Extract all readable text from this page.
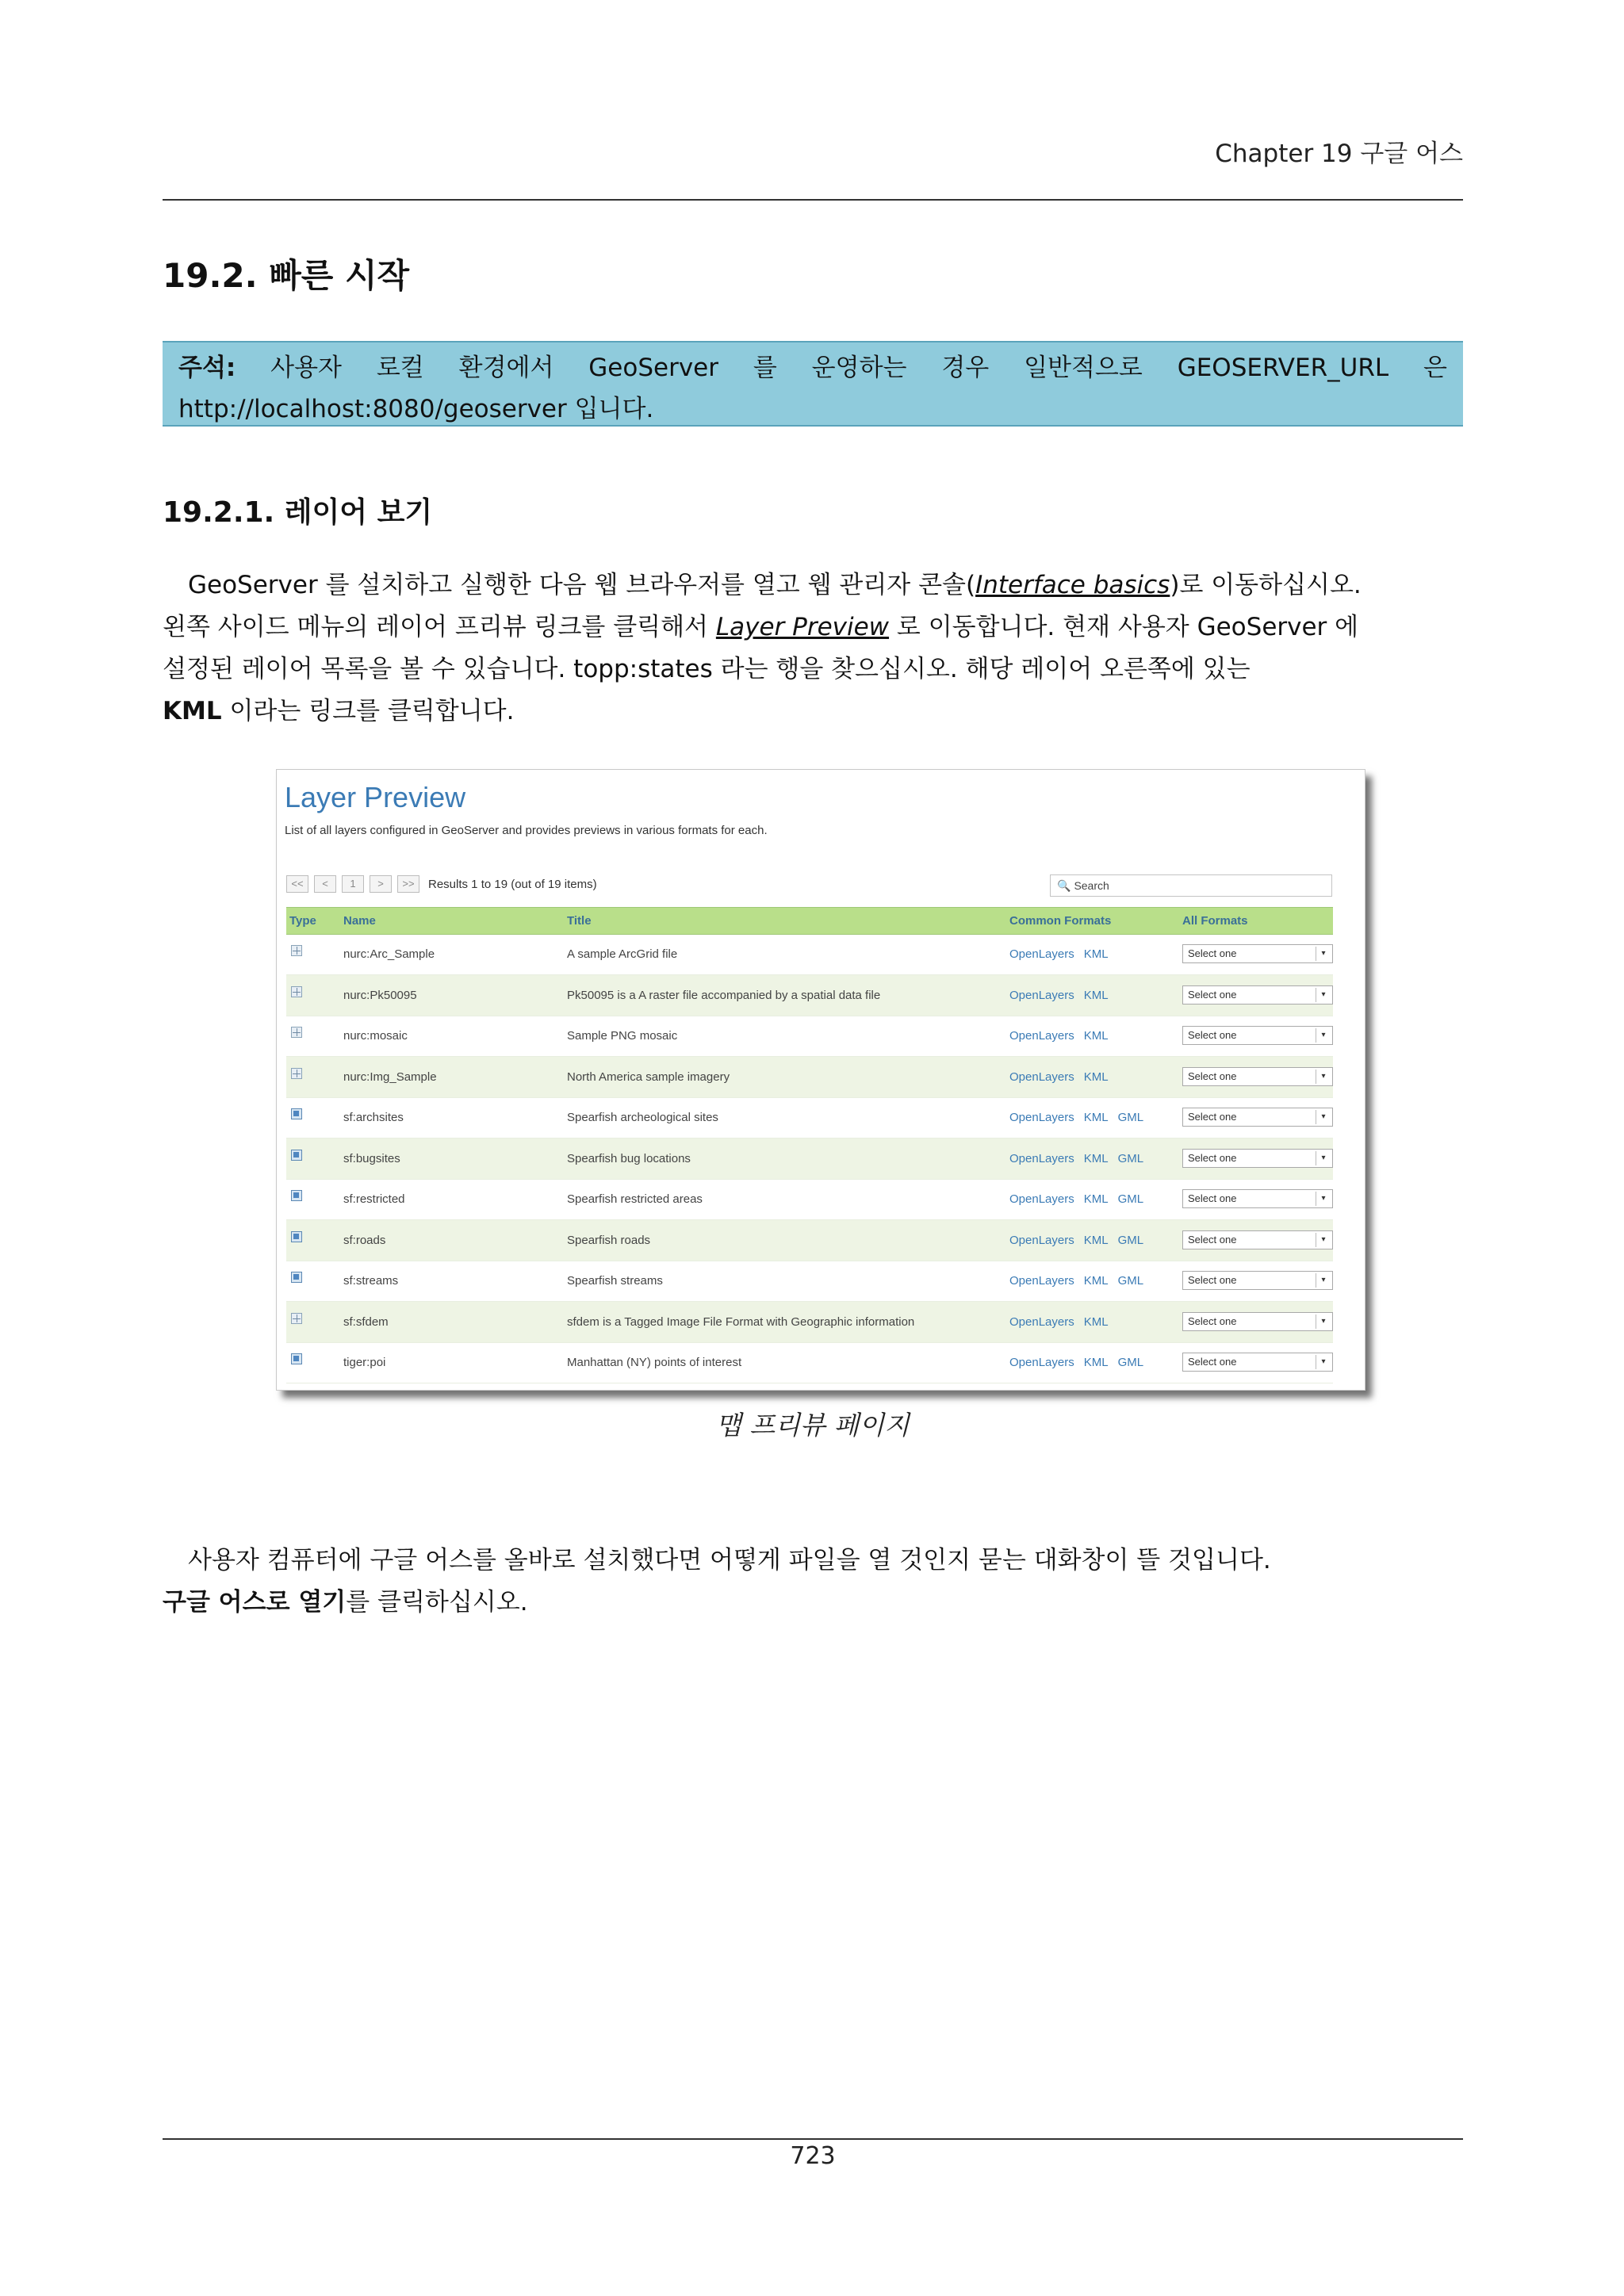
Chapter 19 구글 어스
19.2. 빠른 시작
주석: 사용자 로컬 환경에서 GeoServer 를 운영하는 경우 일반적으로 GEOSERVER_URL 은
http://localhost:8080/geoserver 입니다.
19.2.1. 레이어 보기
GeoServer 를 설치하고 실행한 다음 웹 브라우저를 열고 웹 관리자 콘솔(Interface basics)로 이동하십시오.
왼쪽 사이드 메뉴의 레이어 프리뷰 링크를 클릭해서 Layer Preview 로 이동합니다. 현재 사용자 GeoServer 에
설정된 레이어 목록을 볼 수 있습니다. topp:states 라는 행을 찾으십시오. 해당 레이어 오른쪽에 있는
KML 이라는 링크를 클릭합니다.
Layer Preview
List of all layers configured in GeoServer and provides previews in various formats for each.
<<	<	1	>	>>	Results 1 to 19 (out of 19 items)	🔍 Search
Type Name	Title	Common Formats	All Formats
nurc:Arc_Sample	A sample ArcGrid file	OpenLayers KML	Select one	▾
nurc:Pk50095	Pk50095 is a A raster file accompanied by a spatial data file	OpenLayers KML	Select one	▾
nurc:mosaic	Sample PNG mosaic	OpenLayers KML	Select one	▾
nurc:Img_Sample	North America sample imagery	OpenLayers KML	Select one	▾
sf:archsites	Spearfish archeological sites	OpenLayers KML GML	Select one	▾
sf:bugsites	Spearfish bug locations	OpenLayers KML GML	Select one	▾
sf:restricted	Spearfish restricted areas	OpenLayers KML GML	Select one	▾
sf:roads	Spearfish roads	OpenLayers KML GML	Select one	▾
sf:streams	Spearfish streams	OpenLayers KML GML	Select one	▾
sf:sfdem	sfdem is a Tagged Image File Format with Geographic information	OpenLayers KML	Select one	▾
tiger:poi	Manhattan (NY) points of interest	OpenLayers KML GML	Select one	▾
맵 프리뷰 페이지
사용자 컴퓨터에 구글 어스를 올바로 설치했다면 어떻게 파일을 열 것인지 묻는 대화창이 뜰 것입니다.
구글 어스로 열기를 클릭하십시오.
723
